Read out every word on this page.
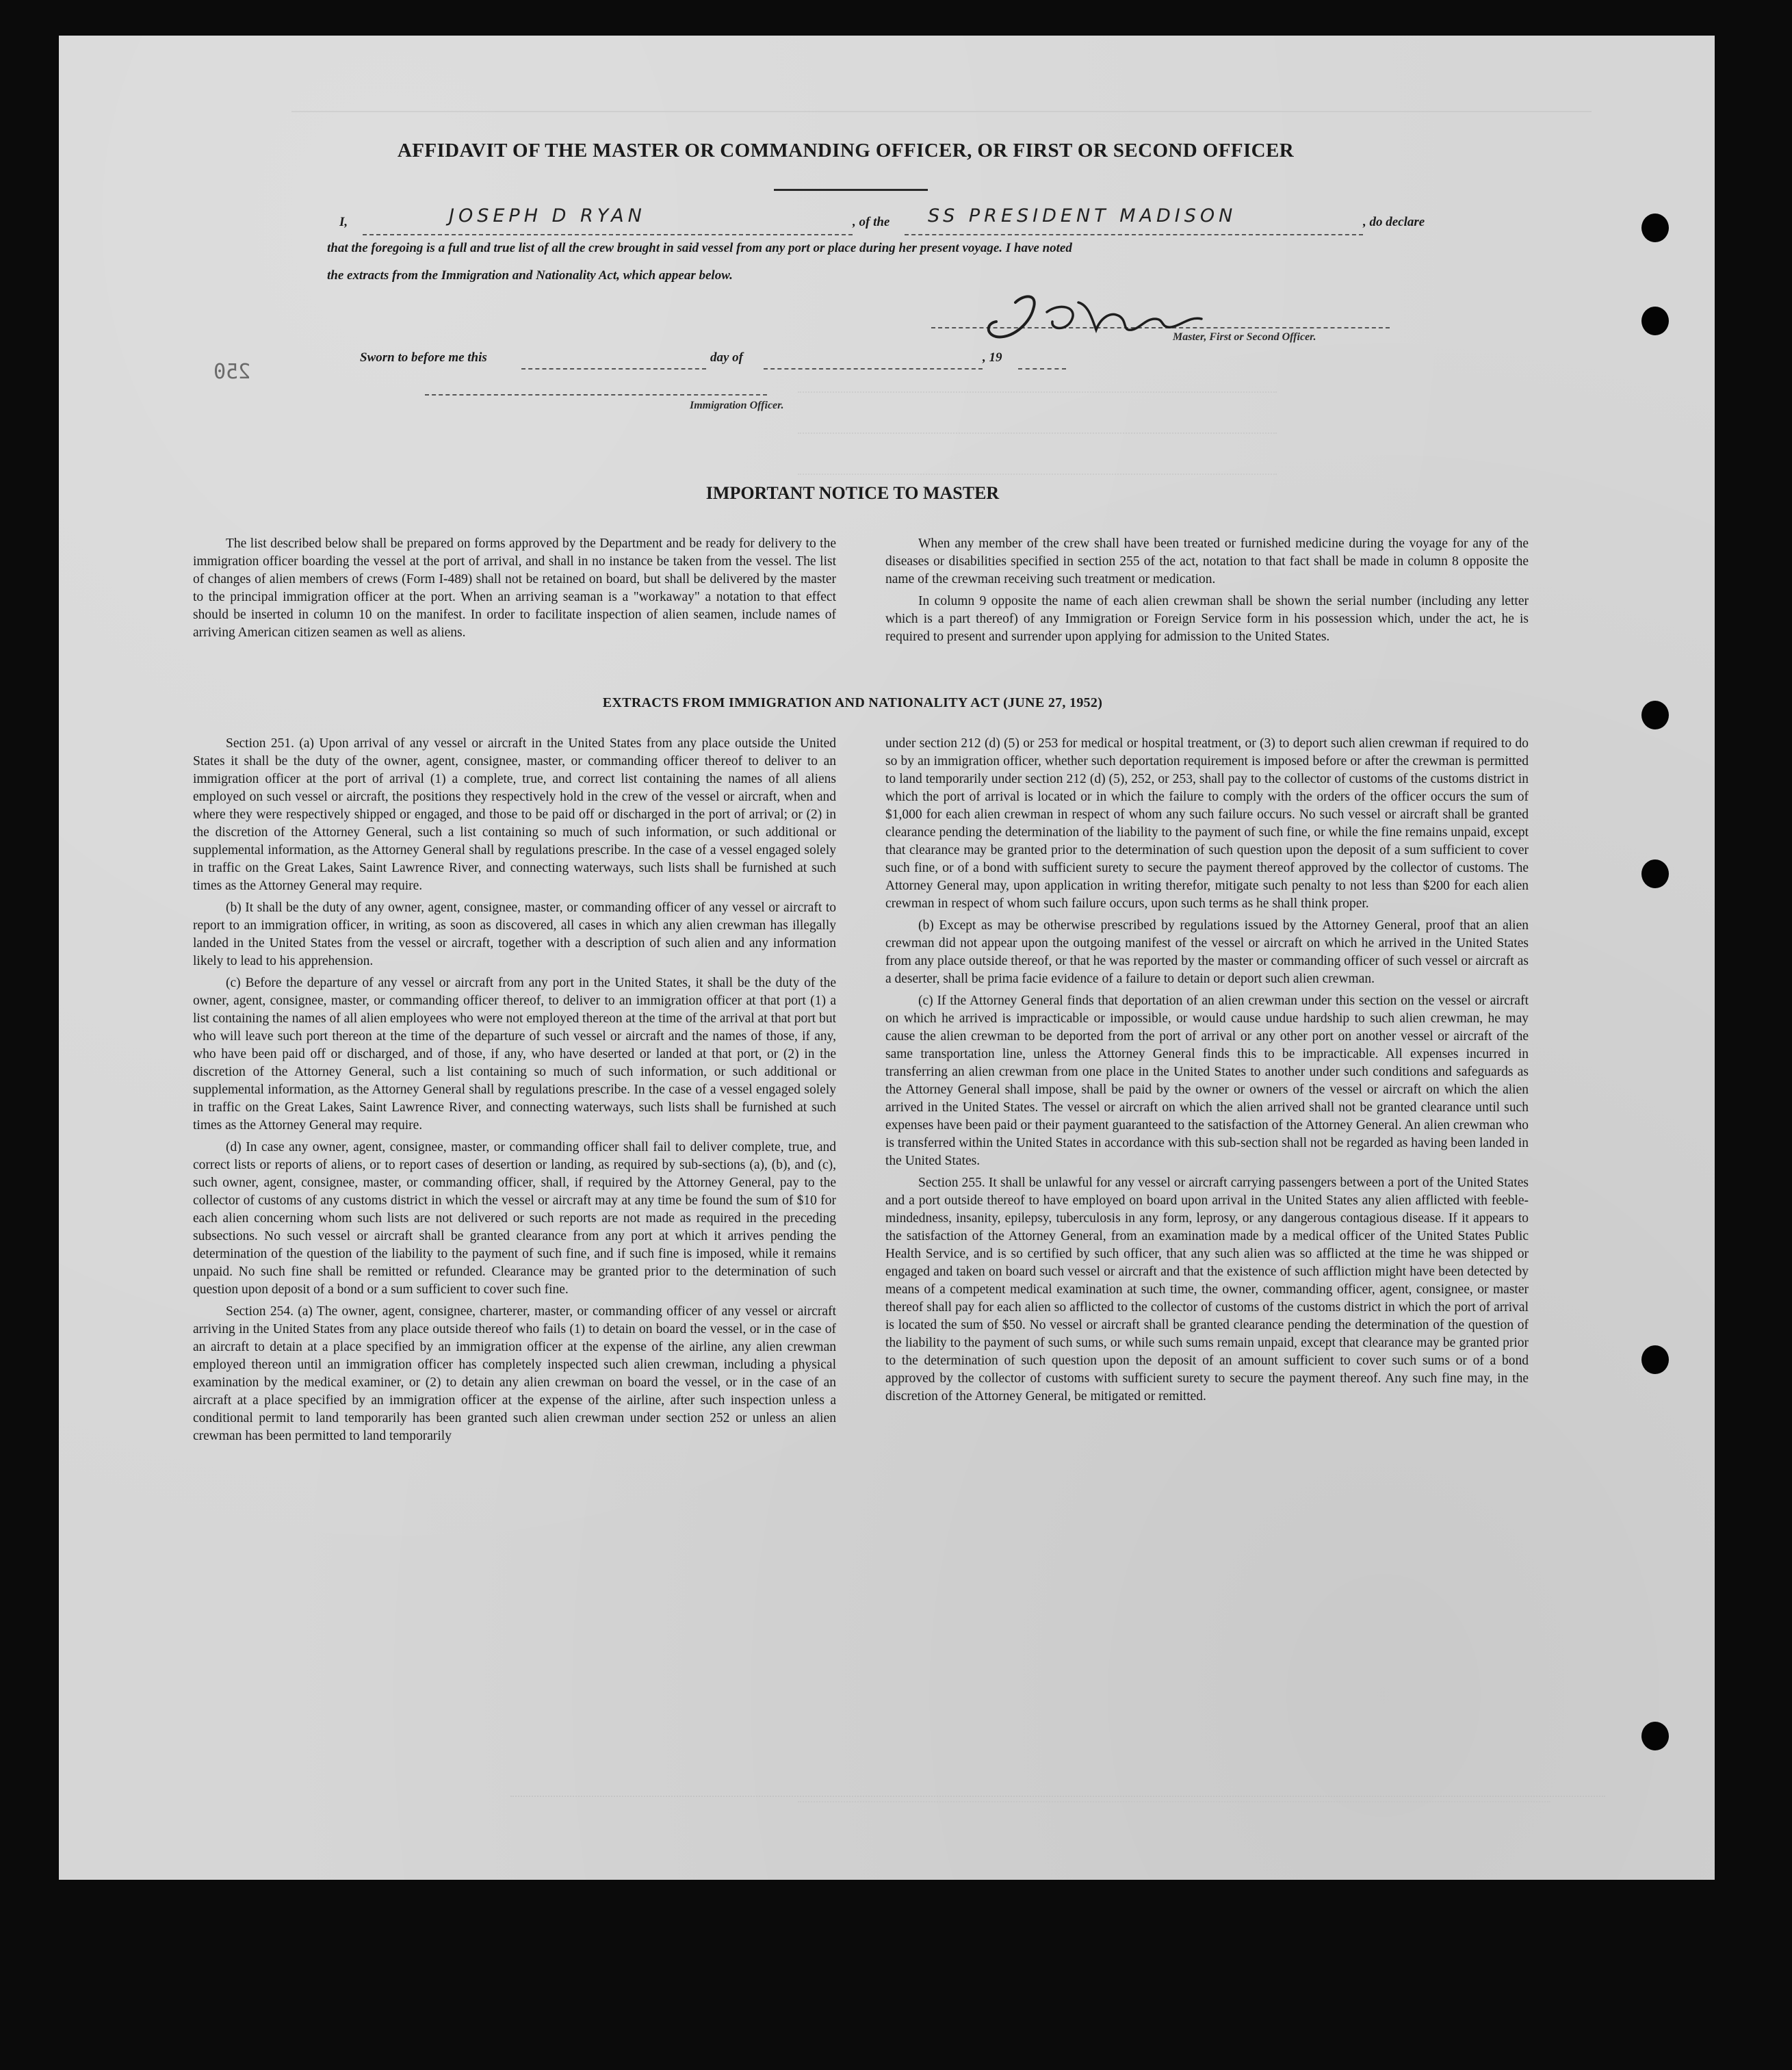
AFFIDAVIT OF THE MASTER OR COMMANDING OFFICER, OR FIRST OR SECOND OFFICER
I,	JOSEPH D RYAN	, of the SS PRESIDENT MADISON	, do declare
that the foregoing is a full and true list of all the crew brought in said vessel from any port or place during her present voyage. I have noted
the extracts from the Immigration and Nationality Act, which appear below.
Master, First or Second Officer.
250
Sworn to before me this	day of	, 19
Immigration Officer.
IMPORTANT NOTICE TO MASTER

The list described below shall be prepared on forms approved by the Department and be ready for delivery to the immigration officer boarding the vessel at the port of arrival, and shall in no instance be taken from the vessel. The list of changes of alien members of crews (Form I-489) shall not be retained on board, but shall be delivered by the master to the principal immigration officer at the port. When an arriving seaman is a "workaway" a notation to that effect should be inserted in column 10 on the manifest. In order to facilitate inspection of alien seamen, include names of arriving American citizen seamen as well as aliens.

When any member of the crew shall have been treated or furnished medicine during the voyage for any of the diseases or disabilities specified in section 255 of the act, notation to that fact shall be made in column 8 opposite the name of the crewman receiving such treatment or medication.

In column 9 opposite the name of each alien crewman shall be shown the serial number (including any letter which is a part thereof) of any Immigration or Foreign Service form in his possession which, under the act, he is required to present and surrender upon applying for admission to the United States.

EXTRACTS FROM IMMIGRATION AND NATIONALITY ACT (JUNE 27, 1952)

Section 251. (a) Upon arrival of any vessel or aircraft in the United States from any place outside the United States it shall be the duty of the owner, agent, consignee, master, or commanding officer thereof to deliver to an immigration officer at the port of arrival (1) a complete, true, and correct list containing the names of all aliens employed on such vessel or aircraft, the positions they respectively hold in the crew of the vessel or aircraft, when and where they were respectively shipped or engaged, and those to be paid off or discharged in the port of arrival; or (2) in the discretion of the Attorney General, such a list containing so much of such information, or such additional or supplemental information, as the Attorney General shall by regulations prescribe. In the case of a vessel engaged solely in traffic on the Great Lakes, Saint Lawrence River, and connecting waterways, such lists shall be furnished at such times as the Attorney General may require.

(b) It shall be the duty of any owner, agent, consignee, master, or commanding officer of any vessel or aircraft to report to an immigration officer, in writing, as soon as discovered, all cases in which any alien crewman has illegally landed in the United States from the vessel or aircraft, together with a description of such alien and any information likely to lead to his apprehension.

(c) Before the departure of any vessel or aircraft from any port in the United States, it shall be the duty of the owner, agent, consignee, master, or commanding officer thereof, to deliver to an immigration officer at that port (1) a list containing the names of all alien employees who were not employed thereon at the time of the arrival at that port but who will leave such port thereon at the time of the departure of such vessel or aircraft and the names of those, if any, who have been paid off or discharged, and of those, if any, who have deserted or landed at that port, or (2) in the discretion of the Attorney General, such a list containing so much of such information, or such additional or supplemental information, as the Attorney General shall by regulations prescribe. In the case of a vessel engaged solely in traffic on the Great Lakes, Saint Lawrence River, and connecting waterways, such lists shall be furnished at such times as the Attorney General may require.

(d) In case any owner, agent, consignee, master, or commanding officer shall fail to deliver complete, true, and correct lists or reports of aliens, or to report cases of desertion or landing, as required by sub-sections (a), (b), and (c), such owner, agent, consignee, master, or commanding officer, shall, if required by the Attorney General, pay to the collector of customs of any customs district in which the vessel or aircraft may at any time be found the sum of $10 for each alien concerning whom such lists are not delivered or such reports are not made as required in the preceding subsections. No such vessel or aircraft shall be granted clearance from any port at which it arrives pending the determination of the question of the liability to the payment of such fine, and if such fine is imposed, while it remains unpaid. No such fine shall be remitted or refunded. Clearance may be granted prior to the determination of such question upon deposit of a bond or a sum sufficient to cover such fine.

Section 254. (a) The owner, agent, consignee, charterer, master, or commanding officer of any vessel or aircraft arriving in the United States from any place outside thereof who fails (1) to detain on board the vessel, or in the case of an aircraft to detain at a place specified by an immigration officer at the expense of the airline, any alien crewman employed thereon until an immigration officer has completely inspected such alien crewman, including a physical examination by the medical examiner, or (2) to detain any alien crewman on board the vessel, or in the case of an aircraft at a place specified by an immigration officer at the expense of the airline, after such inspection unless a conditional permit to land temporarily has been granted such alien crewman under section 252 or unless an alien crewman has been permitted to land temporarily

under section 212 (d) (5) or 253 for medical or hospital treatment, or (3) to deport such alien crewman if required to do so by an immigration officer, whether such deportation requirement is imposed before or after the crewman is permitted to land temporarily under section 212 (d) (5), 252, or 253, shall pay to the collector of customs of the customs district in which the port of arrival is located or in which the failure to comply with the orders of the officer occurs the sum of $1,000 for each alien crewman in respect of whom any such failure occurs. No such vessel or aircraft shall be granted clearance pending the determination of the liability to the payment of such fine, or while the fine remains unpaid, except that clearance may be granted prior to the determination of such question upon the deposit of a sum sufficient to cover such fine, or of a bond with sufficient surety to secure the payment thereof approved by the collector of customs. The Attorney General may, upon application in writing therefor, mitigate such penalty to not less than $200 for each alien crewman in respect of whom such failure occurs, upon such terms as he shall think proper.

(b) Except as may be otherwise prescribed by regulations issued by the Attorney General, proof that an alien crewman did not appear upon the outgoing manifest of the vessel or aircraft on which he arrived in the United States from any place outside thereof, or that he was reported by the master or commanding officer of such vessel or aircraft as a deserter, shall be prima facie evidence of a failure to detain or deport such alien crewman.

(c) If the Attorney General finds that deportation of an alien crewman under this section on the vessel or aircraft on which he arrived is impracticable or impossible, or would cause undue hardship to such alien crewman, he may cause the alien crewman to be deported from the port of arrival or any other port on another vessel or aircraft of the same transportation line, unless the Attorney General finds this to be impracticable. All expenses incurred in transferring an alien crewman from one place in the United States to another under such conditions and safeguards as the Attorney General shall impose, shall be paid by the owner or owners of the vessel or aircraft on which the alien arrived in the United States. The vessel or aircraft on which the alien arrived shall not be granted clearance until such expenses have been paid or their payment guaranteed to the satisfaction of the Attorney General. An alien crewman who is transferred within the United States in accordance with this sub-section shall not be regarded as having been landed in the United States.

Section 255. It shall be unlawful for any vessel or aircraft carrying passengers between a port of the United States and a port outside thereof to have employed on board upon arrival in the United States any alien afflicted with feeble-mindedness, insanity, epilepsy, tuberculosis in any form, leprosy, or any dangerous contagious disease. If it appears to the satisfaction of the Attorney General, from an examination made by a medical officer of the United States Public Health Service, and is so certified by such officer, that any such alien was so afflicted at the time he was shipped or engaged and taken on board such vessel or aircraft and that the existence of such affliction might have been detected by means of a competent medical examination at such time, the owner, commanding officer, agent, consignee, or master thereof shall pay for each alien so afflicted to the collector of customs of the customs district in which the port of arrival is located the sum of $50. No vessel or aircraft shall be granted clearance pending the determination of the question of the liability to the payment of such sums, or while such sums remain unpaid, except that clearance may be granted prior to the determination of such question upon the deposit of an amount sufficient to cover such sums or of a bond approved by the collector of customs with sufficient surety to secure the payment thereof. Any such fine may, in the discretion of the Attorney General, be mitigated or remitted.
